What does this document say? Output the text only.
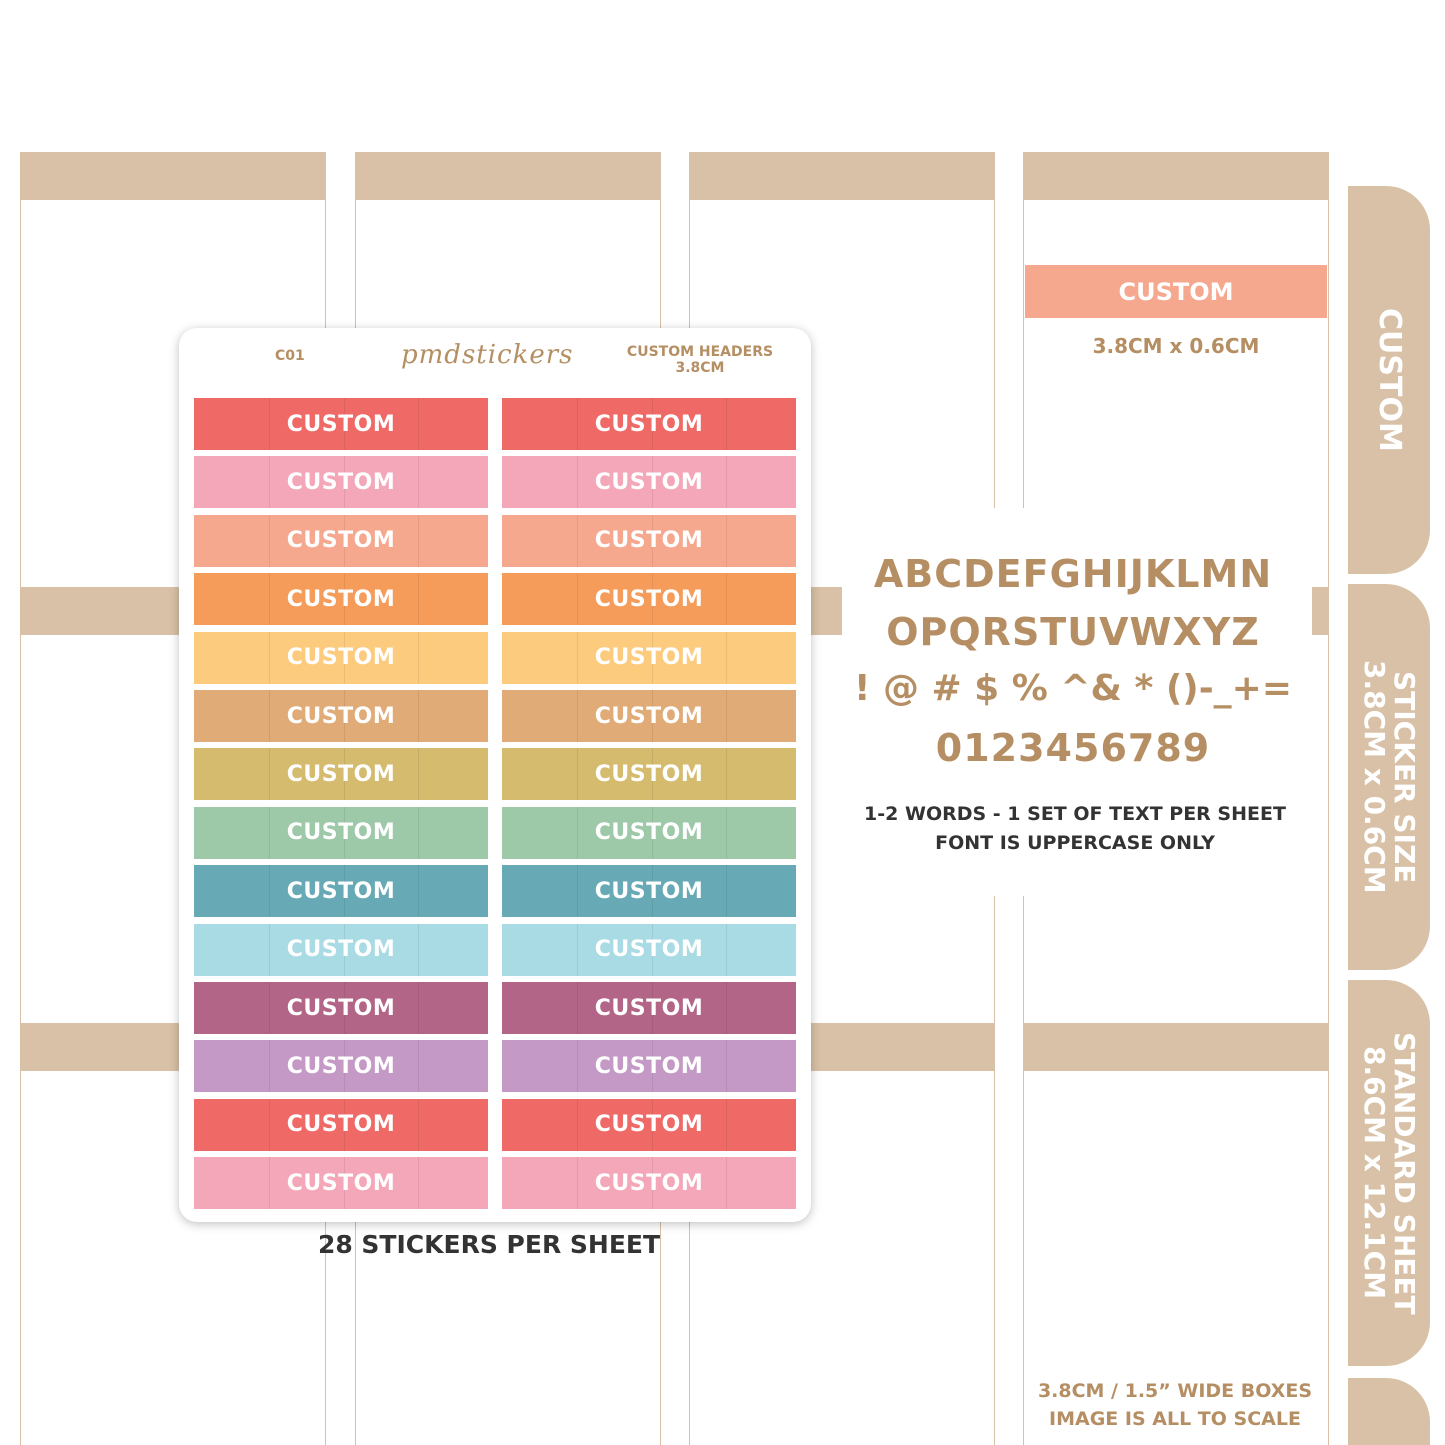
CUSTOM
3.8CM x 0.6CM
ABCDEFGHIJKLMN
OPQRSTUVWXYZ
! @ # $ % ^& * ()-_+=
0123456789
1-2 WORDS - 1 SET OF TEXT PER SHEET
FONT IS UPPERCASE ONLY
CUSTOM
STICKER SIZE
3.8CM x 0.6CM
STANDARD SHEET
8.6CM x 12.1CM
3.8CM / 1.5” WIDE BOXES
IMAGE IS ALL TO SCALE
C01	pmdstickers	CUSTOM HEADERS
3.8CM
CUSTOM	CUSTOM
CUSTOM	CUSTOM
CUSTOM	CUSTOM
CUSTOM	CUSTOM
CUSTOM	CUSTOM
CUSTOM	CUSTOM
CUSTOM	CUSTOM
CUSTOM	CUSTOM
CUSTOM	CUSTOM
CUSTOM	CUSTOM
CUSTOM	CUSTOM
CUSTOM	CUSTOM
CUSTOM	CUSTOM
CUSTOM	CUSTOM
28 STICKERS PER SHEET
